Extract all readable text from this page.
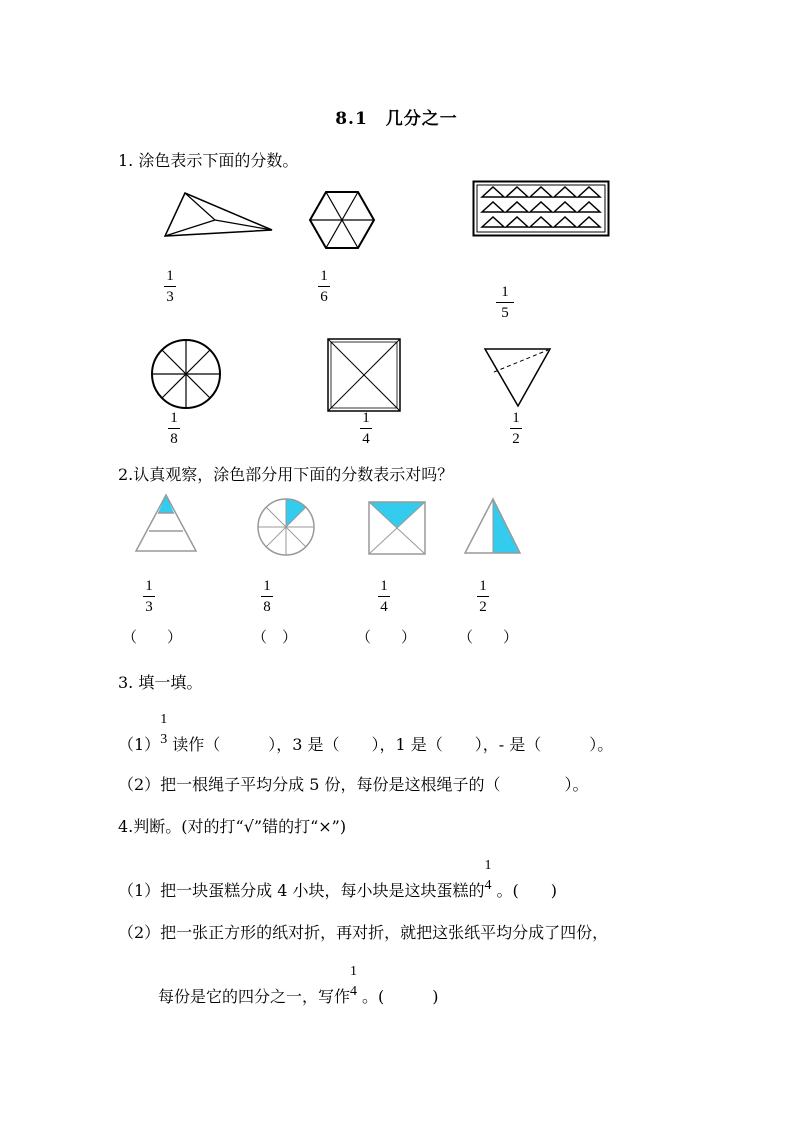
8.1　几分之一
1. 涂色表示下面的分数。
1
3
1
6	1
5
1
8
1
4
1
2
2.认真观察，涂色部分用下面的分数表示对吗？
1
3
1
8
1
4
1
2
（　　）	（　）	（　　）	（　　）
3. 填一填。
（1）
1
3 读作（　　　），3 是（　　），1 是（　　），- 是（　　　）。
（2）把一根绳子平均分成 5 份，每份是这根绳子的（　　　　）。
4.判断。(对的打“√”错的打“×”)
（1）把一块蛋糕分成 4 小块，每小块是这块蛋糕的
1
4 。(　　)
（2）把一张正方形的纸对折，再对折，就把这张纸平均分成了四份，
每份是它的四分之一，写作
1
4 。(　　　)
